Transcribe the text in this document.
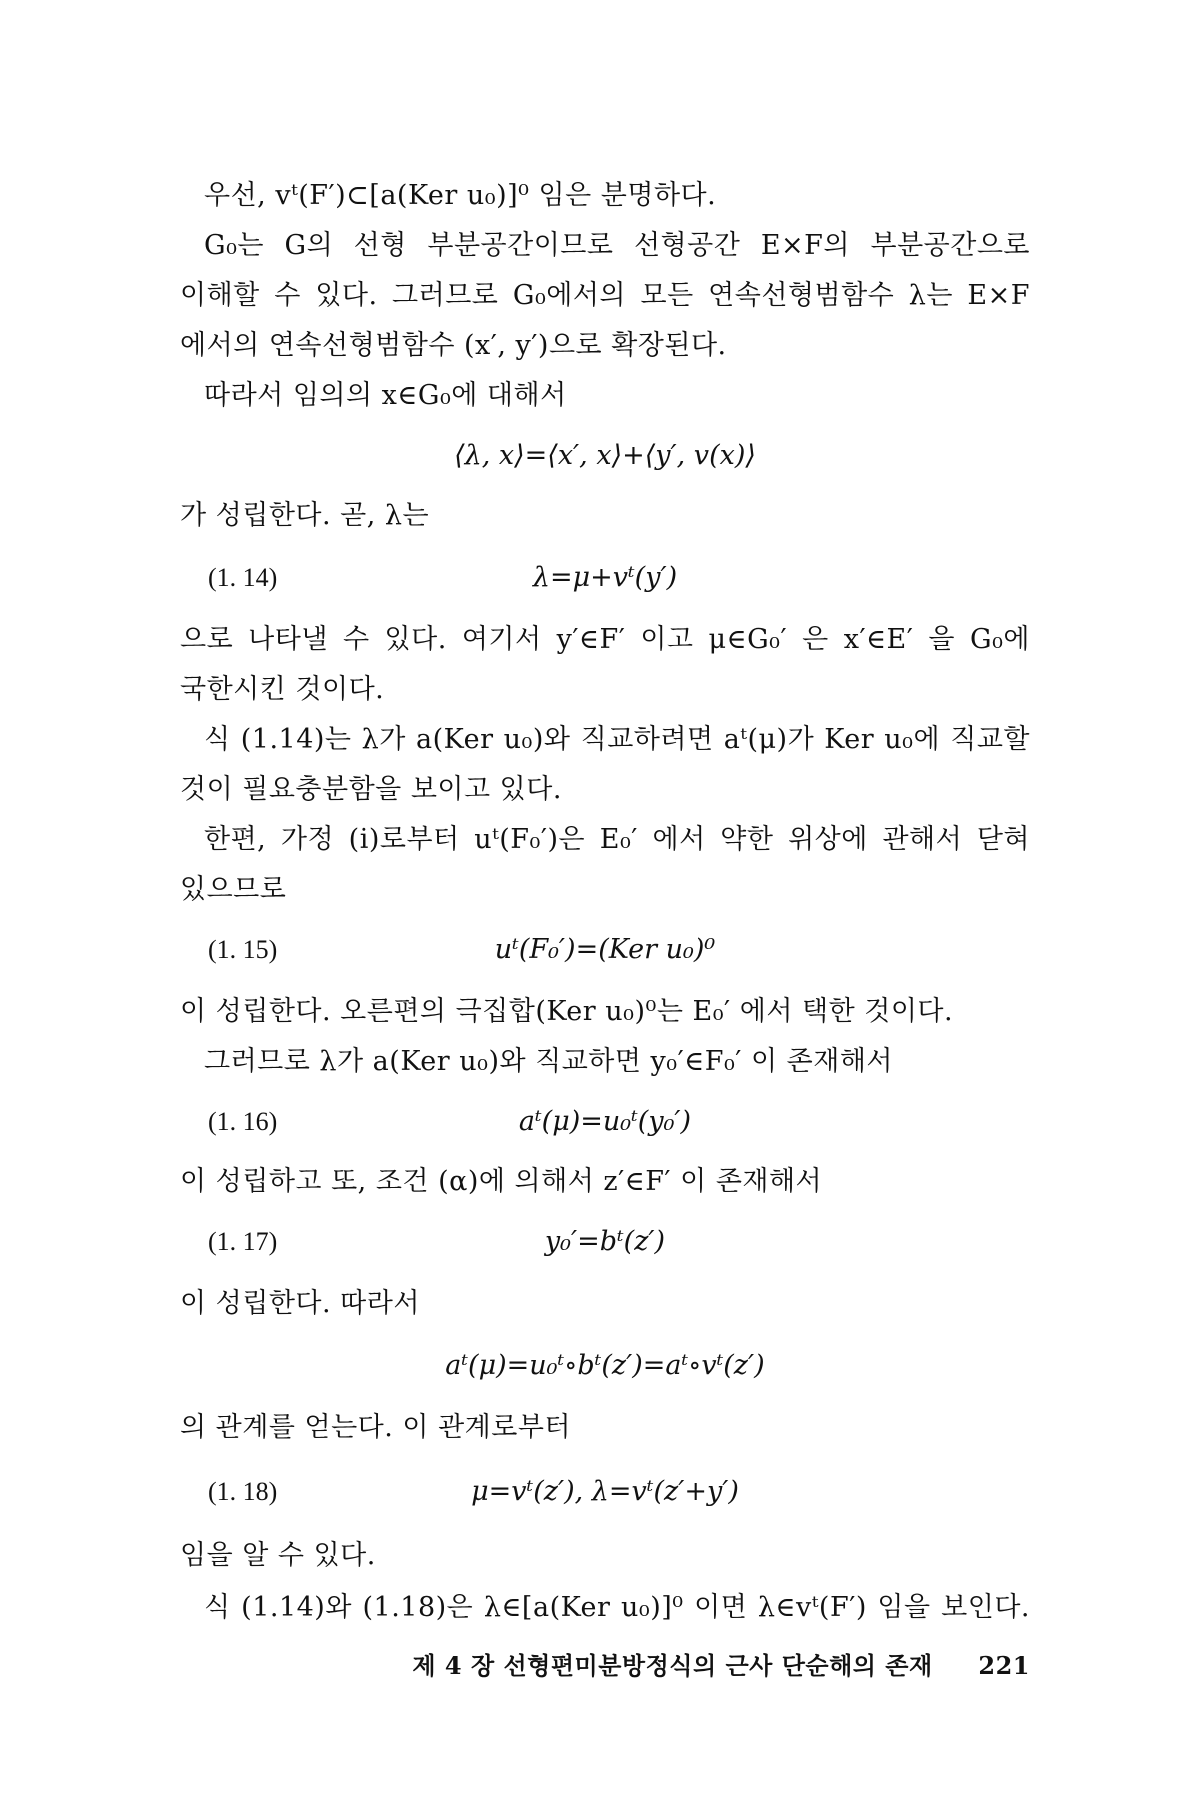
우선, vᵗ(F′)⊂[a(Ker u₀)]⁰ 임은 분명하다.
G₀는 G의 선형 부분공간이므로 선형공간 E×F의 부분공간으로
이해할 수 있다. 그러므로 G₀에서의 모든 연속선형범함수 λ는 E×F
에서의 연속선형범함수 (x′, y′)으로 확장된다.
따라서 임의의 x∈G₀에 대해서
⟨λ, x⟩=⟨x′, x⟩+⟨y′, v(x)⟩
가 성립한다. 곧, λ는
(1. 14)	λ=μ+vᵗ(y′)
으로 나타낼 수 있다. 여기서 y′∈F′ 이고 μ∈G₀′ 은 x′∈E′ 을 G₀에
국한시킨 것이다.
식 (1.14)는 λ가 a(Ker u₀)와 직교하려면 aᵗ(μ)가 Ker u₀에 직교할
것이 필요충분함을 보이고 있다.
한편, 가정 (i)로부터 uᵗ(F₀′)은 E₀′ 에서 약한 위상에 관해서 닫혀
있으므로
(1. 15)	uᵗ(F₀′)=(Ker u₀)⁰
이 성립한다. 오른편의 극집합(Ker u₀)⁰는 E₀′ 에서 택한 것이다.
그러므로 λ가 a(Ker u₀)와 직교하면 y₀′∈F₀′ 이 존재해서
(1. 16)	aᵗ(μ)=u₀ᵗ(y₀′)
이 성립하고 또, 조건 (α)에 의해서 z′∈F′ 이 존재해서
(1. 17)	y₀′=bᵗ(z′)
이 성립한다. 따라서
aᵗ(μ)=u₀ᵗ∘bᵗ(z′)=aᵗ∘vᵗ(z′)
의 관계를 얻는다. 이 관계로부터
(1. 18)	μ=vᵗ(z′), λ=vᵗ(z′+y′)
임을 알 수 있다.
식 (1.14)와 (1.18)은 λ∈[a(Ker u₀)]⁰ 이면 λ∈vᵗ(F′) 임을 보인다.
제 4 장 선형편미분방정식의 근사 단순해의 존재 221
